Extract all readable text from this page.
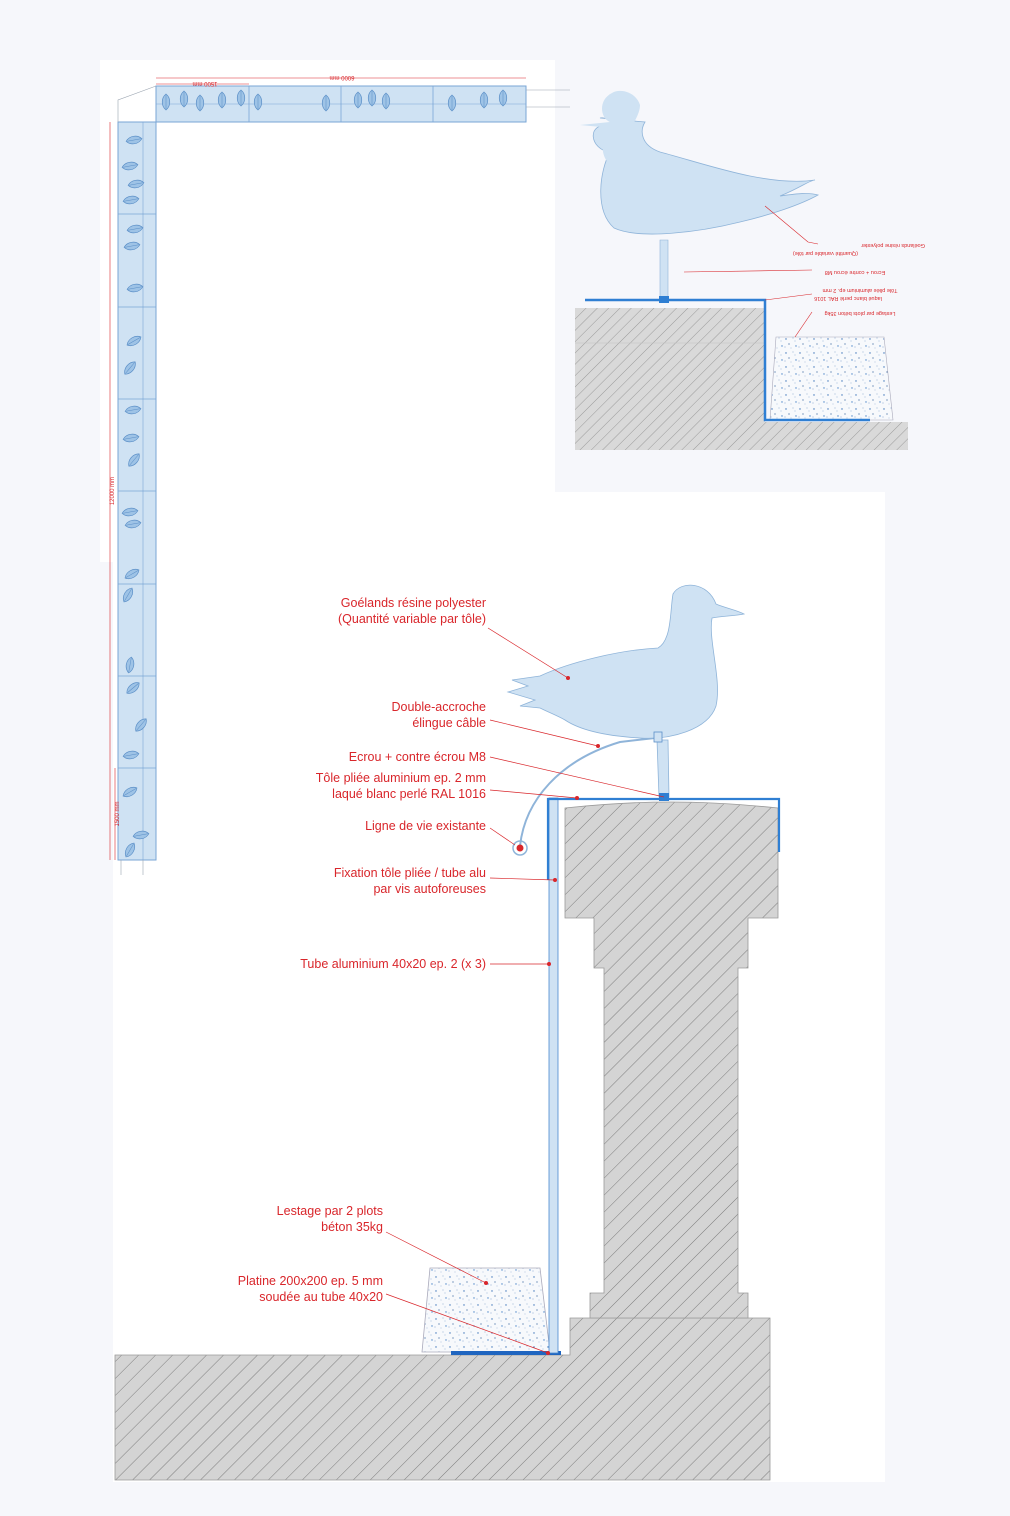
6000 mm
1500 mm
12000 mm
1500 mm
Goélands résine polyester
(Quantité variable par tôle)
Ecrou + contre écrou M8
Tôle pliée aluminium ep. 2 mm
laqué blanc perlé RAL 1016
Lestage par plots béton 35kg
Goélands résine polyester
(Quantité variable par tôle)
Double-accroche
élingue câble
Ecrou + contre écrou M8
Tôle pliée aluminium ep. 2 mm
laqué blanc perlé RAL 1016
Ligne de vie existante
Fixation tôle pliée / tube alu
par vis autoforeuses
Tube aluminium 40x20 ep. 2 (x 3)
Lestage par 2 plots
béton 35kg
Platine 200x200 ep. 5 mm
soudée au tube 40x20
